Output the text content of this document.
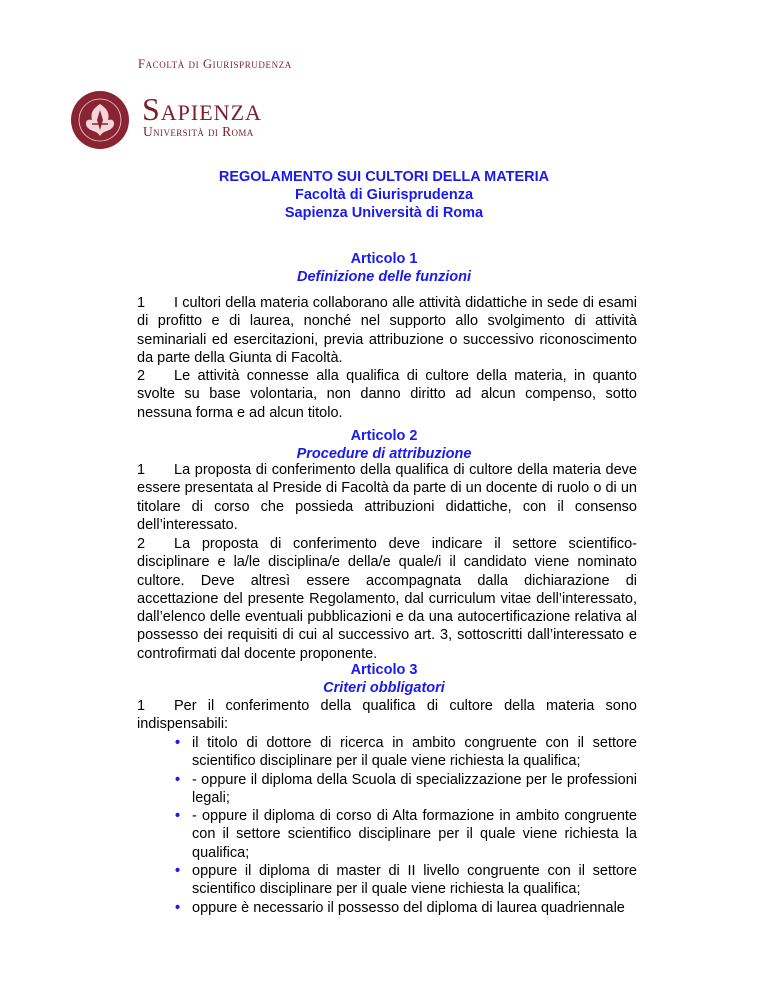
Facoltà di Giurisprudenza
Sapienza
Università di Roma
REGOLAMENTO SUI CULTORI DELLA MATERIA
Facoltà di Giurisprudenza
Sapienza Università di Roma
Articolo 1
Definizione delle funzioni

1 I cultori della materia collaborano alle attività didattiche in sede di esami di profitto e di laurea, nonché nel supporto allo svolgimento di attività seminariali ed esercitazioni, previa attribuzione o successivo riconoscimento da parte della Giunta di Facoltà.

2 Le attività connesse alla qualifica di cultore della materia, in quanto svolte su base volontaria, non danno diritto ad alcun compenso, sotto nessuna forma e ad alcun titolo.

Articolo 2
Procedure di attribuzione

1 La proposta di conferimento della qualifica di cultore della materia deve essere presentata al Preside di Facoltà da parte di un docente di ruolo o di un titolare di corso che possieda attribuzioni didattiche, con il consenso dell’interessato.

2 La proposta di conferimento deve indicare il settore scientifico-disciplinare e la/le disciplina/e della/e quale/i il candidato viene nominato cultore. Deve altresì essere accompagnata dalla dichiarazione di accettazione del presente Regolamento, dal curriculum vitae dell’interessato, dall’elenco delle eventuali pubblicazioni e da una autocertificazione relativa al possesso dei requisiti di cui al successivo art. 3, sottoscritti dall’interessato e controfirmati dal docente proponente.

Articolo 3
Criteri obbligatori

1 Per il conferimento della qualifica di cultore della materia sono indispensabili:

• il titolo di dottore di ricerca in ambito congruente con il settore scientifico disciplinare per il quale viene richiesta la qualifica;
• - oppure il diploma della Scuola di specializzazione per le professioni legali;
• - oppure il diploma di corso di Alta formazione in ambito congruente con il settore scientifico disciplinare per il quale viene richiesta la qualifica;
• oppure il diploma di master di II livello congruente con il settore scientifico disciplinare per il quale viene richiesta la qualifica;
• oppure è necessario il possesso del diploma di laurea quadriennale
